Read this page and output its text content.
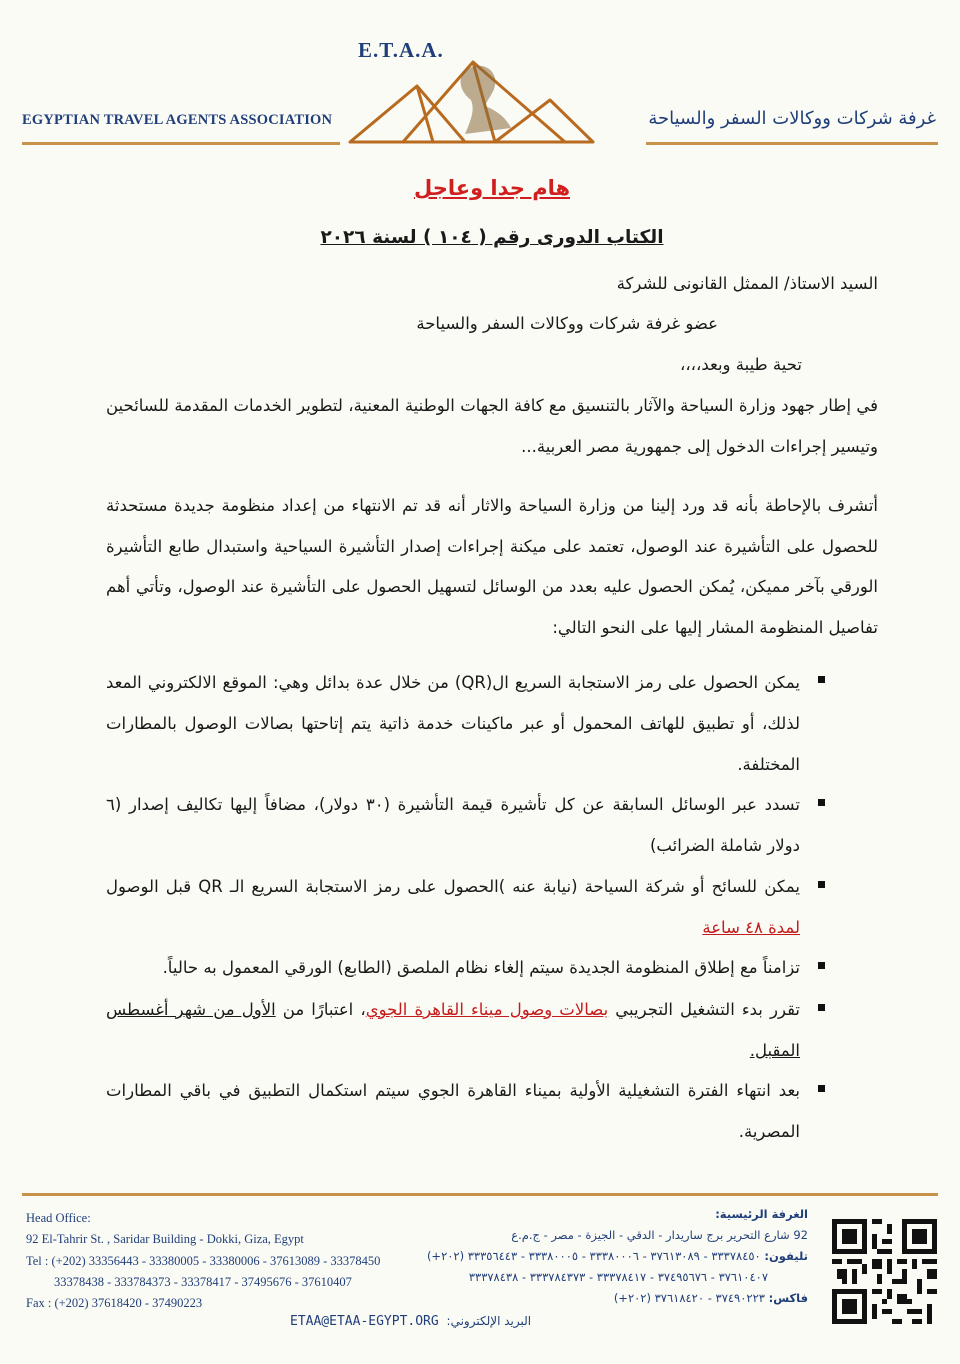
E.T.A.A.
EGYPTIAN TRAVEL AGENTS ASSOCIATION	غرفة شركات ووكالات السفر والسياحة
هام جدا وعاجل
الكتاب الدورى رقم ( ١٠٤ ) لسنة ٢٠٢٦
السيد الاستاذ/ الممثل القانونى للشركة
عضو غرفة شركات ووكالات السفر والسياحة
تحية طيبة وبعد،،،،
في إطار جهود وزارة السياحة والآثار بالتنسيق مع كافة الجهات الوطنية المعنية، لتطوير الخدمات المقدمة للسائحين وتيسير إجراءات الدخول إلى جمهورية مصر العربية...
أتشرف بالإحاطة بأنه قد ورد إلينا من وزارة السياحة والاثار أنه قد تم الانتهاء من إعداد منظومة جديدة مستحدثة للحصول على التأشيرة عند الوصول، تعتمد على ميكنة إجراءات إصدار التأشيرة السياحية واستبدال طابع التأشيرة الورقي بآخر مميكن، يُمكن الحصول عليه بعدد من الوسائل لتسهيل الحصول على التأشيرة عند الوصول، وتأتي أهم تفاصيل المنظومة المشار إليها على النحو التالي:
يمكن الحصول على رمز الاستجابة السريع ال(QR) من خلال عدة بدائل وهي: الموقع الالكتروني المعد لذلك، أو تطبيق للهاتف المحمول أو عبر ماكينات خدمة ذاتية يتم إتاحتها بصالات الوصول بالمطارات المختلفة.
تسدد عبر الوسائل السابقة عن كل تأشيرة قيمة التأشيرة (٣٠ دولار)، مضافاً إليها تكاليف إصدار (٦ دولار شاملة الضرائب)
يمكن للسائح أو شركة السياحة (نيابة عنه )الحصول على رمز الاستجابة السريع الـ QR قبل الوصول لمدة ٤٨ ساعة
تزامناً مع إطلاق المنظومة الجديدة سيتم إلغاء نظام الملصق (الطابع) الورقي المعمول به حالياً.
تقرر بدء التشغيل التجريبي بصالات وصول ميناء القاهرة الجوي، اعتبارًا من الأول من شهر أغسطس المقبل.
بعد انتهاء الفترة التشغيلية الأولية بميناء القاهرة الجوي سيتم استكمال التطبيق في باقي المطارات المصرية.
Head Office:
92 El-Tahrir St. , Saridar Building - Dokki, Giza, Egypt
Tel : (+202) 33356443 - 33380005 - 33380006 - 37613089 - 33378450
33378438 - 333784373 - 33378417 - 37495676 - 37610407
Fax : (+202) 37618420 - 37490223
الغرفة الرئيسية:
92 شارع التحرير برج ساريدار - الدقي - الجيزة - مصر - ج.م.ع
تليفون: ٣٣٣٧٨٤٥٠ - ٣٧٦١٣٠٨٩ - ٣٣٣٨٠٠٠٦ - ٣٣٣٨٠٠٠٥ - ٣٣٣٥٦٤٤٣ (٢٠٢+)
٣٧٦١٠٤٠٧ - ٣٧٤٩٥٦٧٦ - ٣٣٣٧٨٤١٧ - ٣٣٣٧٨٤٣٧٣ - ٣٣٣٧٨٤٣٨
فاكس: ٣٧٤٩٠٢٢٣ - ٣٧٦١٨٤٢٠ (٢٠٢+)
البريد الإلكتروني: ETAA@ETAA-EGYPT.ORG
